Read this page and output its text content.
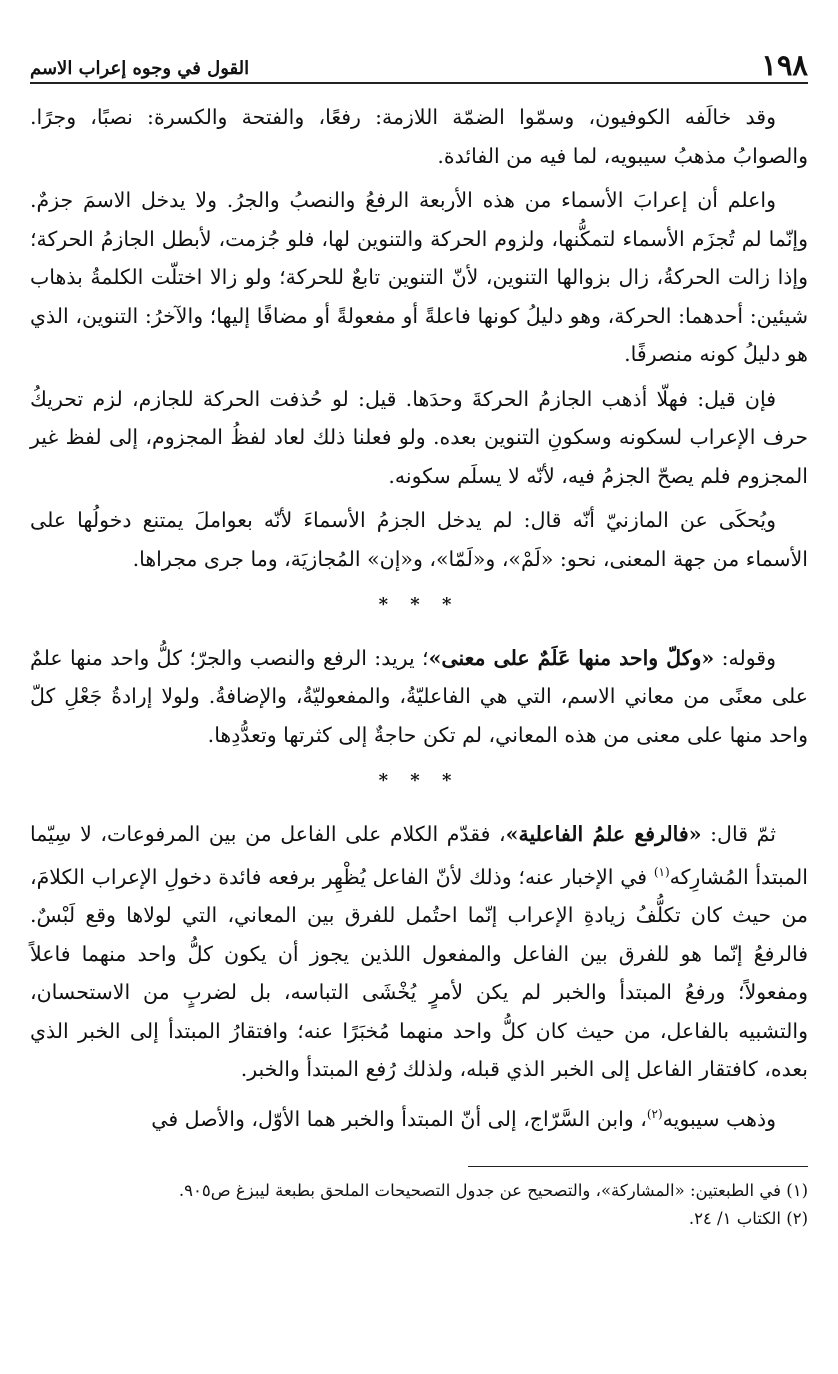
١٩٨
القول في وجوه إعراب الاسم

وقد خالَفه الكوفيون، وسمّوا الضمّة اللازمة: رفعًا، والفتحة والكسرة: نصبًا، وجرًا. والصوابُ مذهبُ سيبويه، لما فيه من الفائدة.

واعلم أن إعرابَ الأسماء من هذه الأربعة الرفعُ والنصبُ والجرُ. ولا يدخل الاسمَ جزمٌ. وإنّما لم تُجزَم الأسماء لتمكُّنها، ولزوم الحركة والتنوين لها، فلو جُزمت، لأبطل الجازمُ الحركة؛ وإذا زالت الحركةُ، زال بزوالها التنوين، لأنّ التنوين تابعٌ للحركة؛ ولو زالا اختلّت الكلمةُ بذهاب شيئين: أحدهما: الحركة، وهو دليلُ كونها فاعلةً أو مفعولةً أو مضافًا إليها؛ والآخرُ: التنوين، الذي هو دليلُ كونه منصرفًا.

فإن قيل: فهلّا أذهب الجازمُ الحركةَ وحدَها. قيل: لو حُذفت الحركة للجازم، لزم تحريكُ حرف الإعراب لسكونه وسكونِ التنوين بعده. ولو فعلنا ذلك لعاد لفظُ المجزوم، إلى لفظ غير المجزوم فلم يصحّ الجزمُ فيه، لأنّه لا يسلَم سكونه.

ويُحكَى عن المازنيّ أنّه قال: لم يدخل الجزمُ الأسماءَ لأنّه بعواملَ يمتنع دخولُها على الأسماء من جهة المعنى، نحو: «لَمْ»، و«لَمّا»، و«إن» المُجازيَة، وما جرى مجراها.

* * *

وقوله: «وكلّ واحد منها عَلَمٌ على معنى»؛ يريد: الرفع والنصب والجرّ؛ كلُّ واحد منها علمٌ على معنًى من معاني الاسم، التي هي الفاعليّةُ، والمفعوليّةُ، والإضافةُ. ولولا إرادةُ جَعْلِ كلّ واحد منها على معنى من هذه المعاني، لم تكن حاجةٌ إلى كثرتها وتعدُّدِها.

* * *

ثمّ قال: «فالرفع علمُ الفاعلية»، فقدّم الكلام على الفاعل من بين المرفوعات، لا سِيّما المبتدأ المُشارِكه$^{(١)}$ في الإخبار عنه؛ وذلك لأنّ الفاعل يُظْهِر برفعه فائدة دخولِ الإعراب الكلامَ، من حيث كان تكلُّفُ زيادةِ الإعراب إنّما احتُمل للفرق بين المعاني، التي لولاها وقع لَبْسٌ. فالرفعُ إنّما هو للفرق بين الفاعل والمفعول اللذين يجوز أن يكون كلُّ واحد منهما فاعلاً ومفعولاً؛ ورفعُ المبتدأ والخبر لم يكن لأمرٍ يُخْشَى التباسه، بل لضربٍ من الاستحسان، والتشبيه بالفاعل، من حيث كان كلُّ واحد منهما مُخبَرًا عنه؛ وافتقارُ المبتدأ إلى الخبر الذي بعده، كافتقار الفاعل إلى الخبر الذي قبله، ولذلك رُفع المبتدأ والخبر.

وذهب سيبويه$^{(٢)}$، وابن السَّرّاج، إلى أنّ المبتدأ والخبر هما الأوّل، والأصل في

(١) في الطبعتين: «المشاركة»، والتصحيح عن جدول التصحيحات الملحق بطبعة ليبزغ ص٩٠٥.

(٢) الكتاب ١/ ٢٤.
